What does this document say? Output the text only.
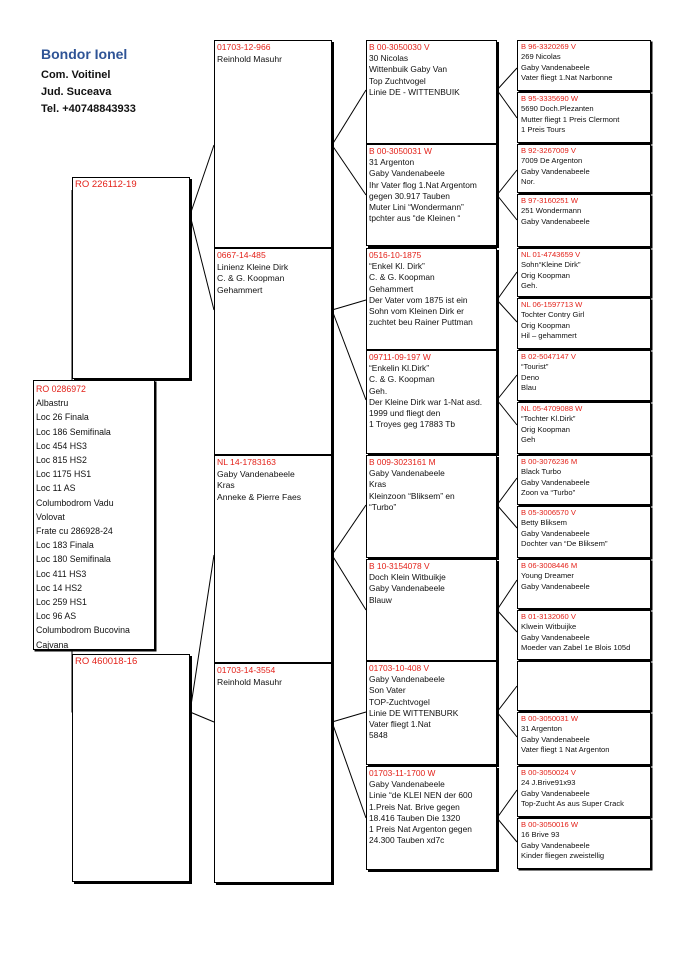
Bondor Ionel
Com. Voitinel
Jud. Suceava
Tel. +40748843933
RO 0286972
Albastru
Loc 26 Finala
Loc 186 Semifinala
Loc 454 HS3
Loc 815 HS2
Loc 1175 HS1
Loc 11 AS
Columbodrom Vadu
Volovat
Frate cu 286928-24
Loc 183 Finala
Loc 180 Semifinala
Loc 411 HS3
Loc 14 HS2
Loc 259 HS1
Loc 96 AS
Columbodrom Bucovina
Cajvana
RO 226112-19
RO 460018-16
01703-12-966
Reinhold Masuhr
0667-14-485
Linienz Kleine Dirk
C. & G. Koopman
Gehammert
NL 14-1783163
Gaby Vandenabeele
Kras
Anneke & Pierre Faes
01703-14-3554
Reinhold Masuhr
B 00-3050030 V
30 Nicolas
Wittenbuik Gaby Van
Top Zuchtvogel
Linie DE - WITTENBUIK
B 00-3050031 W
31 Argenton
Gaby Vandenabeele
Ihr Vater flog 1.Nat Argentom
gegen 30.917 Tauben
Muter Lini “Wondermann”
tpchter aus “de Kleinen “
0516-10-1875
“Enkel Kl. Dirk”
C. & G. Koopman
Gehammert
Der Vater vom 1875 ist ein
Sohn vom Kleinen Dirk er
zuchtet beu Rainer Puttman
09711-09-197 W
“Enkelin Kl.Dirk”
C. & G. Koopman
Geh.
Der Kleine Dirk war 1-Nat asd.
1999 und fliegt den
1 Troyes geg 17883 Tb
B 009-3023161 M
Gaby Vandenabeele
Kras
Kleinzoon “Bliksem” en
“Turbo”
B 10-3154078 V
Doch Klein Witbuikje
Gaby Vandenabeele
Blauw
01703-10-408 V
Gaby Vandenabeele
Son Vater
TOP-Zuchtvogel
Linie DE WITTENBURK
Vater fliegt 1.Nat
5848
01703-11-1700 W
Gaby Vandenabeele
Linie “de KLEI NEN der 600
1.Preis Nat. Brive gegen
18.416 Tauben Die 1320
1 Preis Nat Argenton gegen
24.300 Tauben xd7c
B 96-3320269 V
269 Nicolas
Gaby Vandenabeele
Vater fliegt 1.Nat Narbonne
B 95-3335690 W
5690 Doch.Plezanten
Mutter fliegt 1 Preis Clermont
1 Preis Tours
B 92-3267009 V
7009 De Argenton
Gaby Vandenabeele
Nor.
B 97-3160251 W
251 Wondermann
Gaby Vandenabeele
NL 01-4743659 V
Sohn“Kleine Dirk”
Orig Koopman
Geh.
NL 06-1597713 W
Tochter Contry Girl
Orig Koopman
Hil – gehammert
B 02-5047147 V
“Tourist”
Deno
Blau
NL 05-4709088 W
“Tochter Kl.Dirk”
Orig Koopman
Geh
B 00-3076236 M
Black Turbo
Gaby Vandenabeele
Zoon va “Turbo”
B 05-3006570 V
Betty Bliksem
Gaby Vandenabeele
Dochter van “De Bliksem”
B 06-3008446 M
Young Dreamer
Gaby Vandenabeele
B 01-3132060 V
Klwein Witbuijke
Gaby Vandenabeele
Moeder van Zabel 1e Blois 105d
B 00-3050031 W
31 Argenton
Gaby Vandenabeele
Vater fliegt 1 Nat Argenton
B 00-3050024 V
24 J.Brive91x93
Gaby Vandenabeele
Top-Zucht As aus Super Crack
B 00-3050016 W
16 Brive 93
Gaby Vandenabeele
Kinder fliegen zweistellig
